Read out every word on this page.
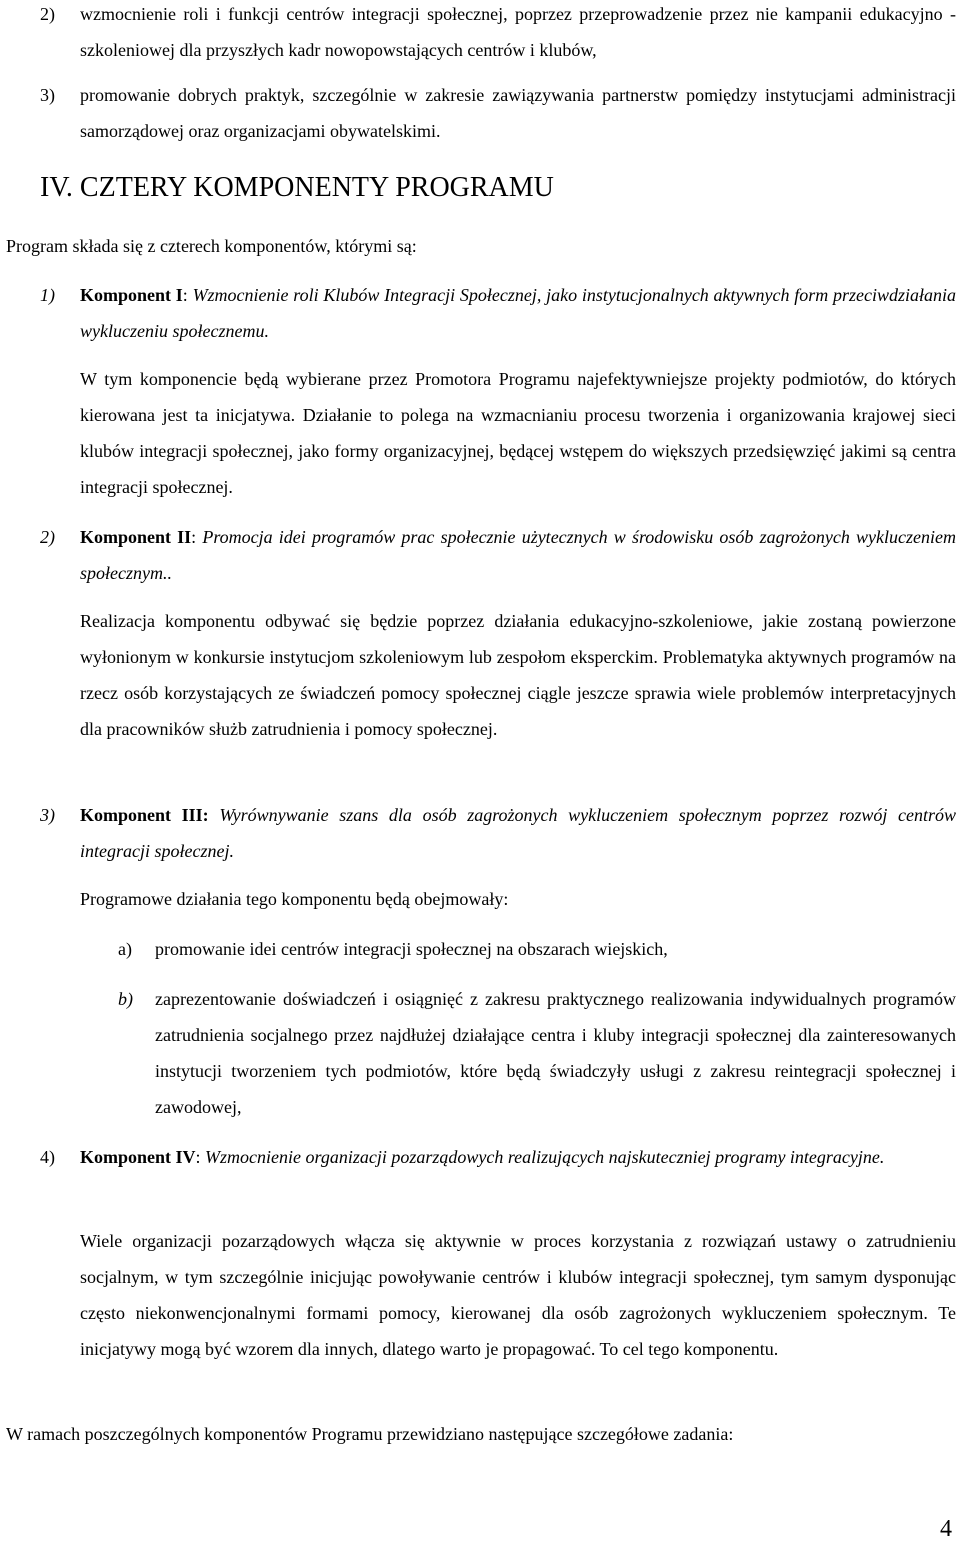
2) wzmocnienie roli i funkcji centrów integracji społecznej, poprzez przeprowadzenie przez nie kampanii edukacyjno - szkoleniowej dla przyszłych kadr nowopowstających centrów i klubów,
3) promowanie dobrych praktyk, szczególnie w zakresie zawiązywania partnerstw pomiędzy instytucjami administracji samorządowej oraz organizacjami obywatelskimi.
IV. CZTERY KOMPONENTY PROGRAMU
Program składa się z czterech komponentów, którymi są:
1) Komponent I: Wzmocnienie roli Klubów Integracji Społecznej, jako instytucjonalnych aktywnych form przeciwdziałania wykluczeniu społecznemu.
W tym komponencie będą wybierane przez Promotora Programu najefektywniejsze projekty podmiotów, do których kierowana jest ta inicjatywa. Działanie to polega na wzmacnianiu procesu tworzenia i organizowania krajowej sieci klubów integracji społecznej, jako formy organizacyjnej, będącej wstępem do większych przedsięwzięć jakimi są centra integracji społecznej.
2) Komponent II: Promocja idei programów prac społecznie użytecznych w środowisku osób zagrożonych wykluczeniem społecznym..
Realizacja komponentu odbywać się będzie poprzez działania edukacyjno-szkoleniowe, jakie zostaną powierzone wyłonionym w konkursie instytucjom szkoleniowym lub zespołom eksperckim. Problematyka aktywnych programów na rzecz osób korzystających ze świadczeń pomocy społecznej ciągle jeszcze sprawia wiele problemów interpretacyjnych dla pracowników służb zatrudnienia i pomocy społecznej.
3) Komponent III: Wyrównywanie szans dla osób zagrożonych wykluczeniem społecznym poprzez rozwój centrów integracji społecznej.
Programowe działania tego komponentu będą obejmowały:
a) promowanie idei centrów integracji społecznej na obszarach wiejskich,
b) zaprezentowanie doświadczeń i osiągnięć z zakresu praktycznego realizowania indywidualnych programów zatrudnienia socjalnego przez najdłużej działające centra i kluby integracji społecznej dla zainteresowanych instytucji tworzeniem tych podmiotów, które będą świadczyły usługi z zakresu reintegracji społecznej i zawodowej,
4) Komponent IV: Wzmocnienie organizacji pozarządowych realizujących najskuteczniej programy integracyjne.
Wiele organizacji pozarządowych włącza się aktywnie w proces korzystania z rozwiązań ustawy o zatrudnieniu socjalnym, w tym szczególnie inicjując powoływanie centrów i klubów integracji społecznej, tym samym dysponując często niekonwencjonalnymi formami pomocy, kierowanej dla osób zagrożonych wykluczeniem społecznym. Te inicjatywy mogą być wzorem dla innych, dlatego warto je propagować. To cel tego komponentu.
W ramach poszczególnych komponentów Programu przewidziano następujące szczegółowe zadania:
4
